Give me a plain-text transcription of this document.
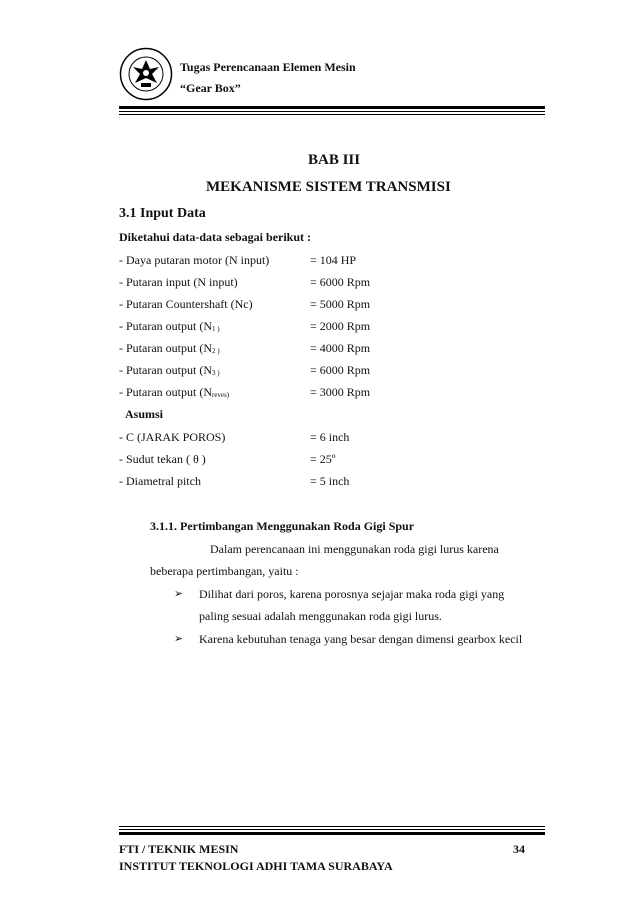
Tugas Perencanaan Elemen Mesin
“Gear Box”
BAB III
MEKANISME SISTEM TRANSMISI
3.1 Input Data
Diketahui data-data sebagai berikut :
- Daya putaran motor (N input)	= 104 HP
- Putaran input (N input)	= 6000 Rpm
- Putaran Countershaft (Nc)	= 5000 Rpm
- Putaran output (N1 )	= 2000 Rpm
- Putaran output (N2 )	= 4000 Rpm
- Putaran output (N3 )	= 6000 Rpm
- Putaran output (Nreves)	= 3000 Rpm
Asumsi
- C (JARAK POROS)	= 6 inch
- Sudut tekan ( θ )	= 25º
- Diametral pitch	= 5 inch
3.1.1. Pertimbangan Menggunakan Roda Gigi Spur
Dalam perencanaan ini menggunakan roda gigi lurus karena
beberapa pertimbangan, yaitu :
➢ Dilihat dari poros, karena porosnya sejajar maka roda gigi yang
paling sesuai adalah menggunakan roda gigi lurus.
➢ Karena kebutuhan tenaga yang besar dengan dimensi gearbox kecil
FTI / TEKNIK MESIN	34
INSTITUT TEKNOLOGI ADHI TAMA SURABAYA
